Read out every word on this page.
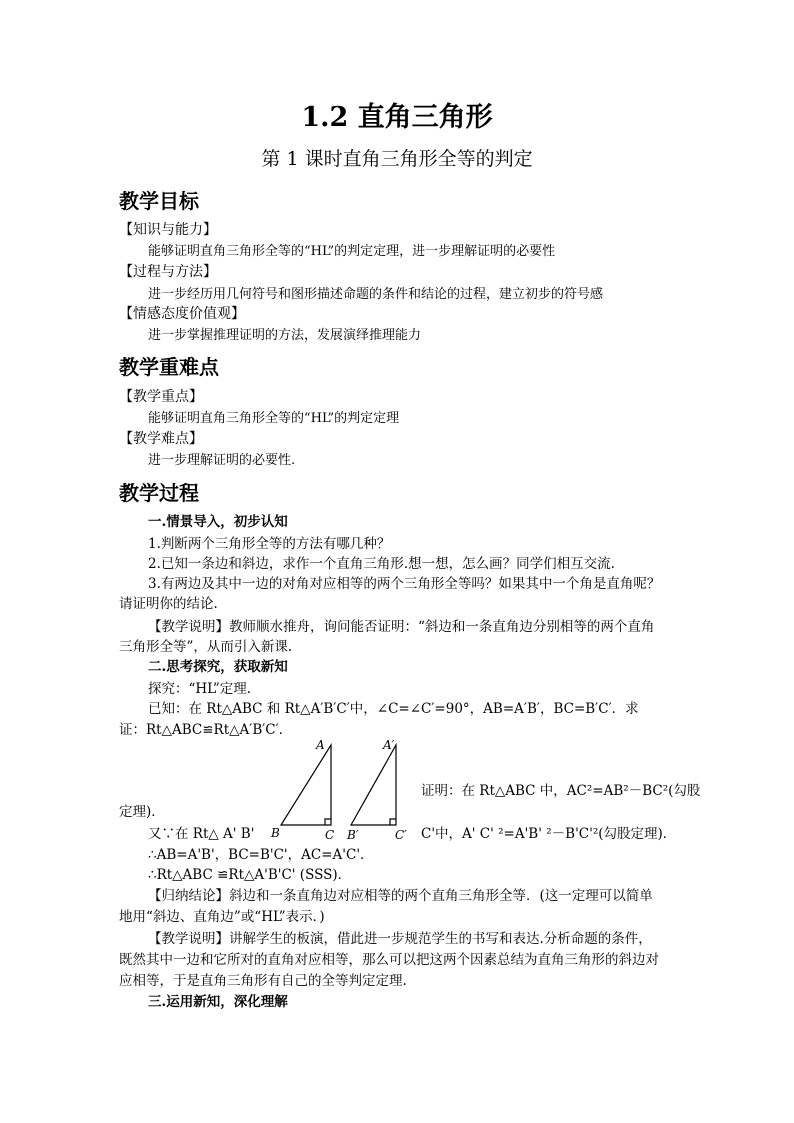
1.2 直角三角形
第 1 课时直角三角形全等的判定
教学目标
【知识与能力】
能够证明直角三角形全等的“HL”的判定定理，进一步理解证明的必要性
【过程与方法】
进一步经历用几何符号和图形描述命题的条件和结论的过程，建立初步的符号感
【情感态度价值观】
进一步掌握推理证明的方法，发展演绎推理能力
教学重难点
【教学重点】
能够证明直角三角形全等的“HL”的判定定理
【教学难点】
进一步理解证明的必要性.
教学过程
一.情景导入，初步认知
1.判断两个三角形全等的方法有哪几种？
2.已知一条边和斜边，求作一个直角三角形.想一想，怎么画？同学们相互交流.
3.有两边及其中一边的对角对应相等的两个三角形全等吗？如果其中一个角是直角呢？
请证明你的结论.
【教学说明】教师顺水推舟，询问能否证明：“斜边和一条直角边分别相等的两个直角
三角形全等”，从而引入新课.
二.思考探究，获取新知
探究：“HL”定理.
已知：在 Rt△ABC 和 Rt△A′B′C′中，∠C=∠C′=90°，AB=A′B′，BC=B′C′．求
证：Rt△ABC≌Rt△A′B′C′．
A
B	C
A′
B′	C′
证明：在 Rt△ABC 中，AC²=AB²－BC²(勾股
定理)．
又∵在 Rt△ A' B'	C'中，A' C' ²=A'B' ²－B'C'²(勾股定理)．
∴AB=A'B'，BC=B'C'，AC=A'C'．
∴Rt△ABC ≌Rt△A'B'C' (SSS)．
【归纳结论】斜边和一条直角边对应相等的两个直角三角形全等．(这一定理可以简单
地用“斜边、直角边”或“HL”表示．)
【教学说明】讲解学生的板演，借此进一步规范学生的书写和表达.分析命题的条件，
既然其中一边和它所对的直角对应相等，那么可以把这两个因素总结为直角三角形的斜边对
应相等，于是直角三角形有自己的全等判定定理.
三.运用新知，深化理解
